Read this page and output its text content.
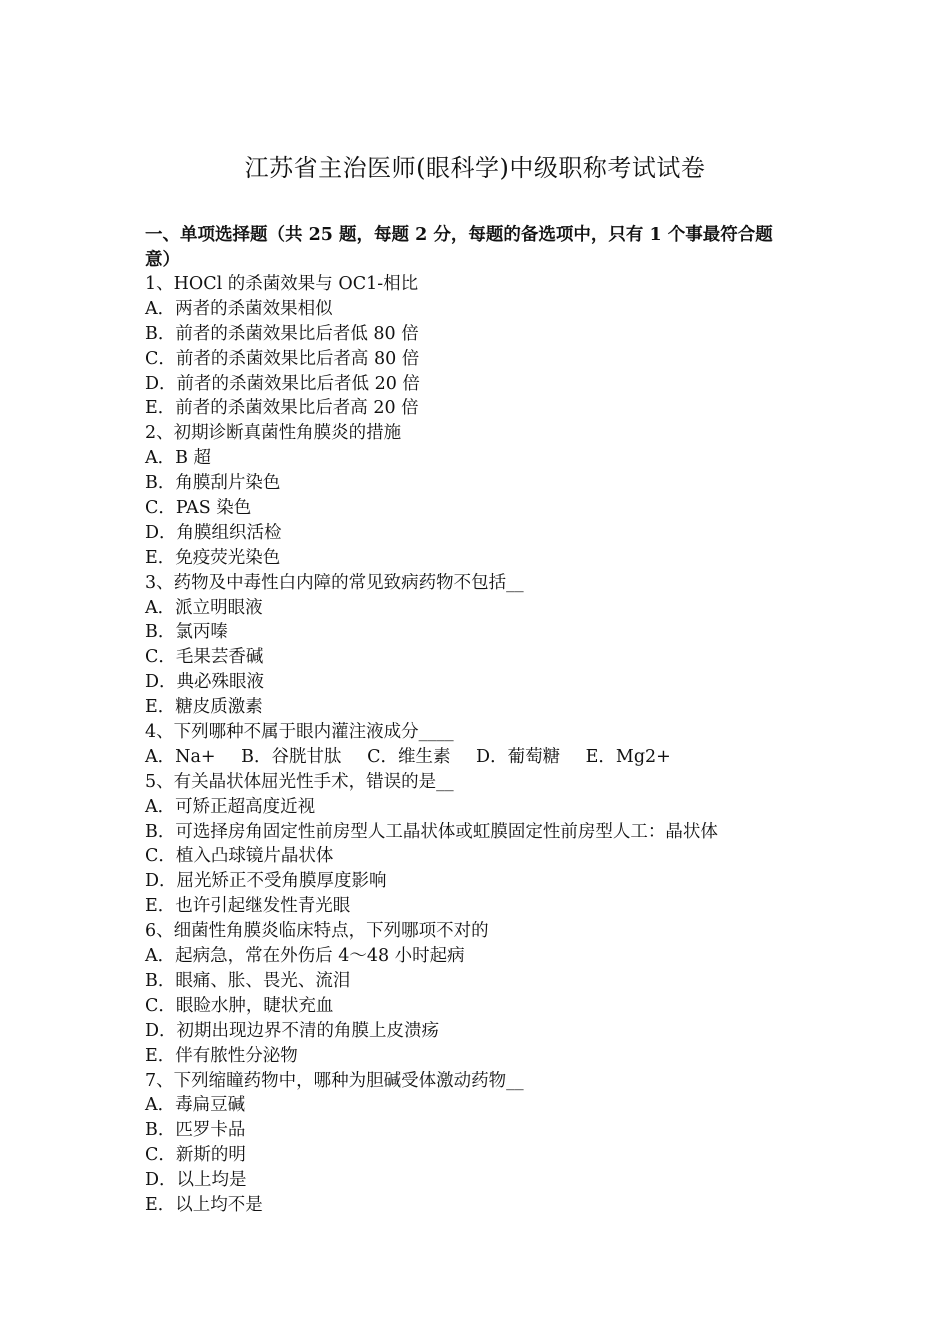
江苏省主治医师(眼科学)中级职称考试试卷
一、单项选择题（共 25 题，每题 2 分，每题的备选项中，只有 1 个事最符合题
意）
1、HOCl 的杀菌效果与 OC1-相比
A．两者的杀菌效果相似
B．前者的杀菌效果比后者低 80 倍
C．前者的杀菌效果比后者高 80 倍
D．前者的杀菌效果比后者低 20 倍
E．前者的杀菌效果比后者高 20 倍
2、初期诊断真菌性角膜炎的措施
A．B 超
B．角膜刮片染色
C．PAS 染色
D．角膜组织活检
E．免疫荧光染色
3、药物及中毒性白内障的常见致病药物不包括__
A．派立明眼液
B．氯丙嗪
C．毛果芸香碱
D．典必殊眼液
E．糖皮质激素
4、下列哪种不属于眼内灌注液成分____
A．Na+ B．谷胱甘肽 C．维生素 D．葡萄糖 E．Mg2+
5、有关晶状体屈光性手术，错误的是__
A．可矫正超高度近视
B．可选择房角固定性前房型人工晶状体或虹膜固定性前房型人工：晶状体
C．植入凸球镜片晶状体
D．屈光矫正不受角膜厚度影响
E．也许引起继发性青光眼
6、细菌性角膜炎临床特点，下列哪项不对的
A．起病急，常在外伤后 4～48 小时起病
B．眼痛、胀、畏光、流泪
C．眼睑水肿，睫状充血
D．初期出现边界不清的角膜上皮溃疡
E．伴有脓性分泌物
7、下列缩瞳药物中，哪种为胆碱受体激动药物__
A．毒扁豆碱
B．匹罗卡品
C．新斯的明
D．以上均是
E．以上均不是
